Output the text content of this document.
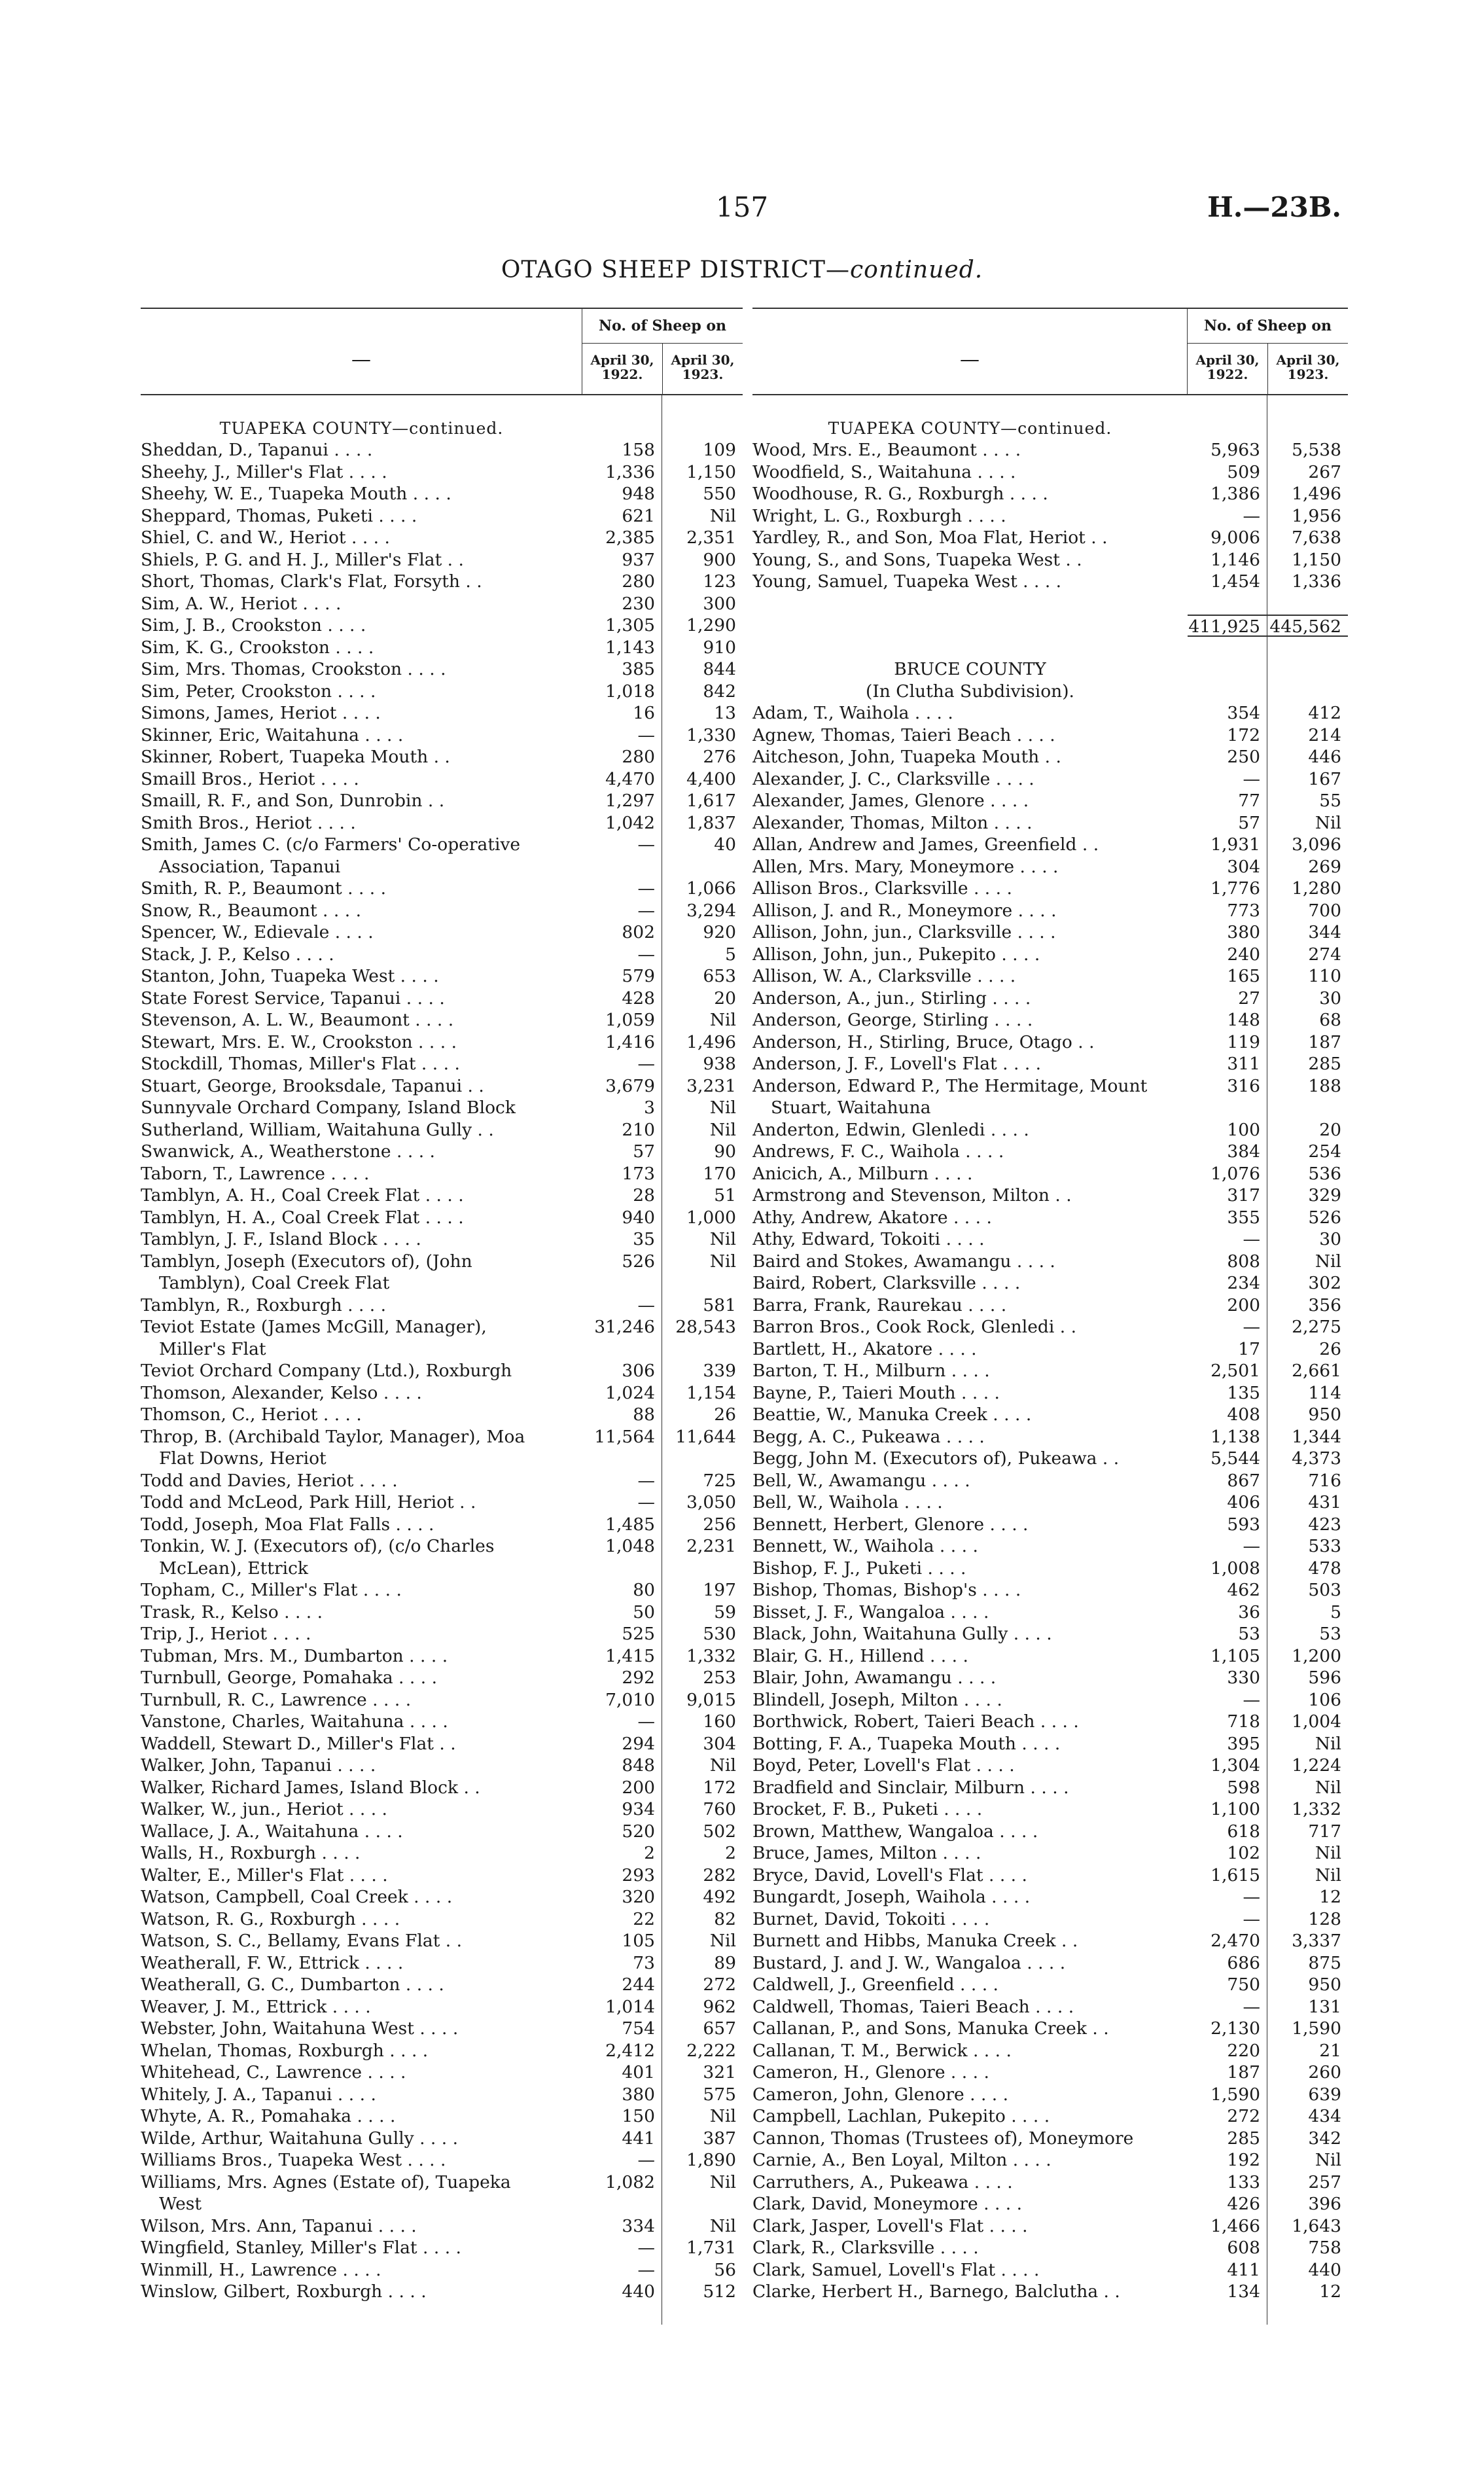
157	H.—23B.
OTAGO SHEEP DISTRICT—continued.
—
No. of Sheep on
April 30, 1922.
April 30, 1923.
TUAPEKA COUNTY—continued.
Sheddan, D., Tapanui . . . .	158	109
Sheehy, J., Miller's Flat . . . .	1,336	1,150
Sheehy, W. E., Tuapeka Mouth . . . .	948	550
Sheppard, Thomas, Puketi . . . .	621	Nil
Shiel, C. and W., Heriot . . . .	2,385	2,351
Shiels, P. G. and H. J., Miller's Flat . .	937	900
Short, Thomas, Clark's Flat, Forsyth . .	280	123
Sim, A. W., Heriot . . . .	230	300
Sim, J. B., Crookston . . . .	1,305	1,290
Sim, K. G., Crookston . . . .	1,143	910
Sim, Mrs. Thomas, Crookston . . . .	385	844
Sim, Peter, Crookston . . . .	1,018	842
Simons, James, Heriot . . . .	16	13
Skinner, Eric, Waitahuna . . . .	—	1,330
Skinner, Robert, Tuapeka Mouth . .	280	276
Smaill Bros., Heriot . . . .	4,470	4,400
Smaill, R. F., and Son, Dunrobin . .	1,297	1,617
Smith Bros., Heriot . . . .	1,042	1,837
Smith, James C. (c/o Farmers' Co-operative	—	40
Association, Tapanui
Smith, R. P., Beaumont . . . .	—	1,066
Snow, R., Beaumont . . . .	—	3,294
Spencer, W., Edievale . . . .	802	920
Stack, J. P., Kelso . . . .	—	5
Stanton, John, Tuapeka West . . . .	579	653
State Forest Service, Tapanui . . . .	428	20
Stevenson, A. L. W., Beaumont . . . .	1,059	Nil
Stewart, Mrs. E. W., Crookston . . . .	1,416	1,496
Stockdill, Thomas, Miller's Flat . . . .	—	938
Stuart, George, Brooksdale, Tapanui . .	3,679	3,231
Sunnyvale Orchard Company, Island Block	3	Nil
Sutherland, William, Waitahuna Gully . .	210	Nil
Swanwick, A., Weatherstone . . . .	57	90
Taborn, T., Lawrence . . . .	173	170
Tamblyn, A. H., Coal Creek Flat . . . .	28	51
Tamblyn, H. A., Coal Creek Flat . . . .	940	1,000
Tamblyn, J. F., Island Block . . . .	35	Nil
Tamblyn, Joseph (Executors of), (John	526	Nil
Tamblyn), Coal Creek Flat
Tamblyn, R., Roxburgh . . . .	—	581
Teviot Estate (James McGill, Manager),	31,246	28,543
Miller's Flat
Teviot Orchard Company (Ltd.), Roxburgh	306	339
Thomson, Alexander, Kelso . . . .	1,024	1,154
Thomson, C., Heriot . . . .	88	26
Throp, B. (Archibald Taylor, Manager), Moa	11,564	11,644
Flat Downs, Heriot
Todd and Davies, Heriot . . . .	—	725
Todd and McLeod, Park Hill, Heriot . .	—	3,050
Todd, Joseph, Moa Flat Falls . . . .	1,485	256
Tonkin, W. J. (Executors of), (c/o Charles	1,048	2,231
McLean), Ettrick
Topham, C., Miller's Flat . . . .	80	197
Trask, R., Kelso . . . .	50	59
Trip, J., Heriot . . . .	525	530
Tubman, Mrs. M., Dumbarton . . . .	1,415	1,332
Turnbull, George, Pomahaka . . . .	292	253
Turnbull, R. C., Lawrence . . . .	7,010	9,015
Vanstone, Charles, Waitahuna . . . .	—	160
Waddell, Stewart D., Miller's Flat . .	294	304
Walker, John, Tapanui . . . .	848	Nil
Walker, Richard James, Island Block . .	200	172
Walker, W., jun., Heriot . . . .	934	760
Wallace, J. A., Waitahuna . . . .	520	502
Walls, H., Roxburgh . . . .	2	2
Walter, E., Miller's Flat . . . .	293	282
Watson, Campbell, Coal Creek . . . .	320	492
Watson, R. G., Roxburgh . . . .	22	82
Watson, S. C., Bellamy, Evans Flat . .	105	Nil
Weatherall, F. W., Ettrick . . . .	73	89
Weatherall, G. C., Dumbarton . . . .	244	272
Weaver, J. M., Ettrick . . . .	1,014	962
Webster, John, Waitahuna West . . . .	754	657
Whelan, Thomas, Roxburgh . . . .	2,412	2,222
Whitehead, C., Lawrence . . . .	401	321
Whitely, J. A., Tapanui . . . .	380	575
Whyte, A. R., Pomahaka . . . .	150	Nil
Wilde, Arthur, Waitahuna Gully . . . .	441	387
Williams Bros., Tuapeka West . . . .	—	1,890
Williams, Mrs. Agnes (Estate of), Tuapeka	1,082	Nil
West
Wilson, Mrs. Ann, Tapanui . . . .	334	Nil
Wingfield, Stanley, Miller's Flat . . . .	—	1,731
Winmill, H., Lawrence . . . .	—	56
Winslow, Gilbert, Roxburgh . . . .	440	512
—
No. of Sheep on
April 30, 1922.
April 30, 1923.
TUAPEKA COUNTY—continued.
Wood, Mrs. E., Beaumont . . . .	5,963	5,538
Woodfield, S., Waitahuna . . . .	509	267
Woodhouse, R. G., Roxburgh . . . .	1,386	1,496
Wright, L. G., Roxburgh . . . .	—	1,956
Yardley, R., and Son, Moa Flat, Heriot . .	9,006	7,638
Young, S., and Sons, Tuapeka West . .	1,146	1,150
Young, Samuel, Tuapeka West . . . .	1,454	1,336
411,925 445,562
BRUCE COUNTY
(In Clutha Subdivision).
Adam, T., Waihola . . . .	354	412
Agnew, Thomas, Taieri Beach . . . .	172	214
Aitcheson, John, Tuapeka Mouth . .	250	446
Alexander, J. C., Clarksville . . . .	—	167
Alexander, James, Glenore . . . .	77	55
Alexander, Thomas, Milton . . . .	57	Nil
Allan, Andrew and James, Greenfield . .	1,931	3,096
Allen, Mrs. Mary, Moneymore . . . .	304	269
Allison Bros., Clarksville . . . .	1,776	1,280
Allison, J. and R., Moneymore . . . .	773	700
Allison, John, jun., Clarksville . . . .	380	344
Allison, John, jun., Pukepito . . . .	240	274
Allison, W. A., Clarksville . . . .	165	110
Anderson, A., jun., Stirling . . . .	27	30
Anderson, George, Stirling . . . .	148	68
Anderson, H., Stirling, Bruce, Otago . .	119	187
Anderson, J. F., Lovell's Flat . . . .	311	285
Anderson, Edward P., The Hermitage, Mount	316	188
Stuart, Waitahuna
Anderton, Edwin, Glenledi . . . .	100	20
Andrews, F. C., Waihola . . . .	384	254
Anicich, A., Milburn . . . .	1,076	536
Armstrong and Stevenson, Milton . .	317	329
Athy, Andrew, Akatore . . . .	355	526
Athy, Edward, Tokoiti . . . .	—	30
Baird and Stokes, Awamangu . . . .	808	Nil
Baird, Robert, Clarksville . . . .	234	302
Barra, Frank, Raurekau . . . .	200	356
Barron Bros., Cook Rock, Glenledi . .	—	2,275
Bartlett, H., Akatore . . . .	17	26
Barton, T. H., Milburn . . . .	2,501	2,661
Bayne, P., Taieri Mouth . . . .	135	114
Beattie, W., Manuka Creek . . . .	408	950
Begg, A. C., Pukeawa . . . .	1,138	1,344
Begg, John M. (Executors of), Pukeawa . .	5,544	4,373
Bell, W., Awamangu . . . .	867	716
Bell, W., Waihola . . . .	406	431
Bennett, Herbert, Glenore . . . .	593	423
Bennett, W., Waihola . . . .	—	533
Bishop, F. J., Puketi . . . .	1,008	478
Bishop, Thomas, Bishop's . . . .	462	503
Bisset, J. F., Wangaloa . . . .	36	5
Black, John, Waitahuna Gully . . . .	53	53
Blair, G. H., Hillend . . . .	1,105	1,200
Blair, John, Awamangu . . . .	330	596
Blindell, Joseph, Milton . . . .	—	106
Borthwick, Robert, Taieri Beach . . . .	718	1,004
Botting, F. A., Tuapeka Mouth . . . .	395	Nil
Boyd, Peter, Lovell's Flat . . . .	1,304	1,224
Bradfield and Sinclair, Milburn . . . .	598	Nil
Brocket, F. B., Puketi . . . .	1,100	1,332
Brown, Matthew, Wangaloa . . . .	618	717
Bruce, James, Milton . . . .	102	Nil
Bryce, David, Lovell's Flat . . . .	1,615	Nil
Bungardt, Joseph, Waihola . . . .	—	12
Burnet, David, Tokoiti . . . .	—	128
Burnett and Hibbs, Manuka Creek . .	2,470	3,337
Bustard, J. and J. W., Wangaloa . . . .	686	875
Caldwell, J., Greenfield . . . .	750	950
Caldwell, Thomas, Taieri Beach . . . .	—	131
Callanan, P., and Sons, Manuka Creek . .	2,130	1,590
Callanan, T. M., Berwick . . . .	220	21
Cameron, H., Glenore . . . .	187	260
Cameron, John, Glenore . . . .	1,590	639
Campbell, Lachlan, Pukepito . . . .	272	434
Cannon, Thomas (Trustees of), Moneymore	285	342
Carnie, A., Ben Loyal, Milton . . . .	192	Nil
Carruthers, A., Pukeawa . . . .	133	257
Clark, David, Moneymore . . . .	426	396
Clark, Jasper, Lovell's Flat . . . .	1,466	1,643
Clark, R., Clarksville . . . .	608	758
Clark, Samuel, Lovell's Flat . . . .	411	440
Clarke, Herbert H., Barnego, Balclutha . .	134	12
